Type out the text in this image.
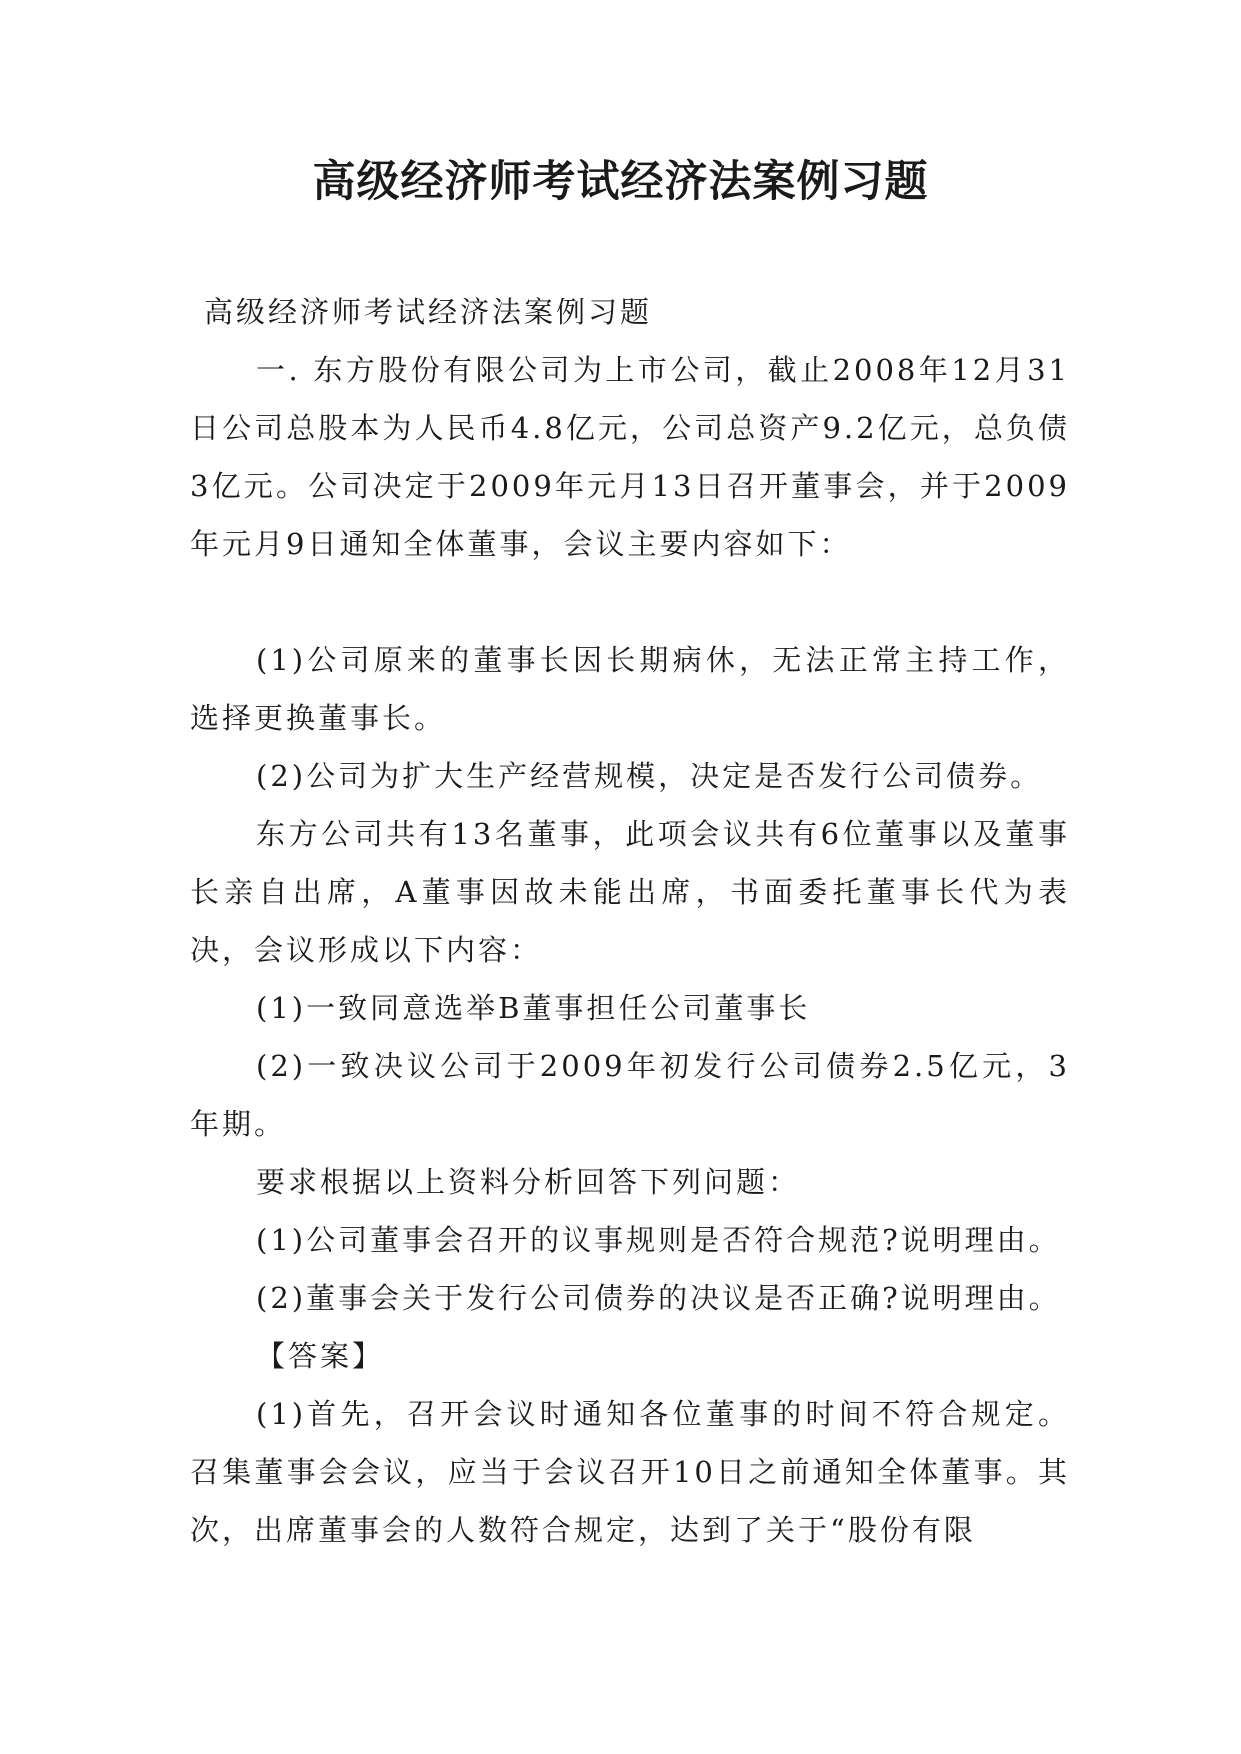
高级经济师考试经济法案例习题

高级经济师考试经济法案例习题

一. 东方股份有限公司为上市公司，截止2008年12月31日公司总股本为人民币4.8亿元，公司总资产9.2亿元，总负债3亿元。公司决定于2009年元月13日召开董事会，并于2009年元月9日通知全体董事，会议主要内容如下：

(1)公司原来的董事长因长期病休，无法正常主持工作，选择更换董事长。

(2)公司为扩大生产经营规模，决定是否发行公司债券。

东方公司共有13名董事，此项会议共有6位董事以及董事长亲自出席，A董事因故未能出席，书面委托董事长代为表决，会议形成以下内容：

(1)一致同意选举B董事担任公司董事长

(2)一致决议公司于2009年初发行公司债券2.5亿元，3年期。

要求根据以上资料分析回答下列问题：

(1)公司董事会召开的议事规则是否符合规范?说明理由。

(2)董事会关于发行公司债券的决议是否正确?说明理由。

【答案】

(1)首先，召开会议时通知各位董事的时间不符合规定。召集董事会会议，应当于会议召开10日之前通知全体董事。其次，出席董事会的人数符合规定，达到了关于“股份有限
